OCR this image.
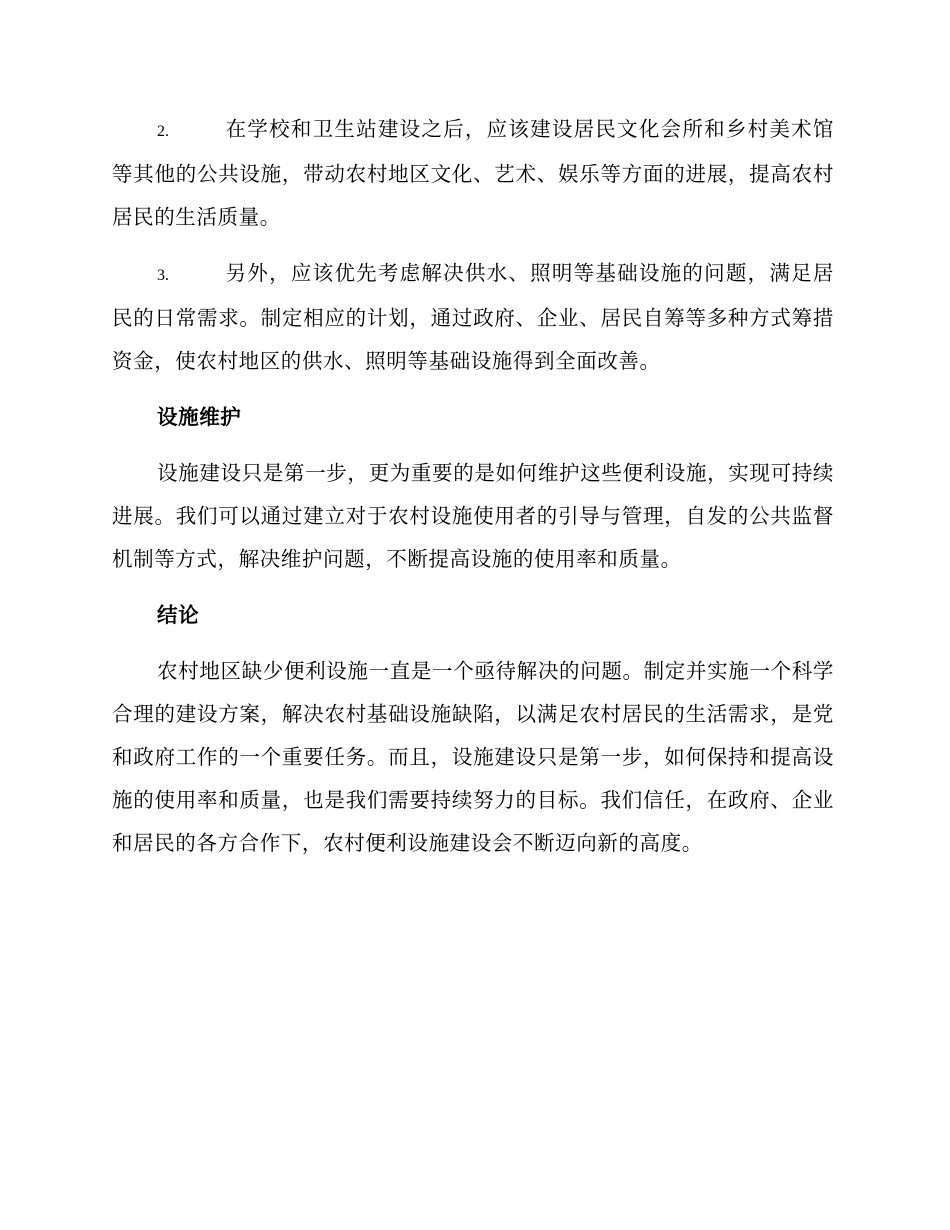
2.	在学校和卫生站建设之后，应该建设居民文化会所和乡村美术馆等其他的公共设施，带动农村地区文化、艺术、娱乐等方面的进展，提高农村居民的生活质量。

3.	另外，应该优先考虑解决供水、照明等基础设施的问题，满足居民的日常需求。制定相应的计划，通过政府、企业、居民自筹等多种方式筹措资金，使农村地区的供水、照明等基础设施得到全面改善。

设施维护

设施建设只是第一步，更为重要的是如何维护这些便利设施，实现可持续进展。我们可以通过建立对于农村设施使用者的引导与管理，自发的公共监督机制等方式，解决维护问题，不断提高设施的使用率和质量。

结论

农村地区缺少便利设施一直是一个亟待解决的问题。制定并实施一个科学合理的建设方案，解决农村基础设施缺陷，以满足农村居民的生活需求，是党和政府工作的一个重要任务。而且，设施建设只是第一步，如何保持和提高设施的使用率和质量，也是我们需要持续努力的目标。我们信任，在政府、企业和居民的各方合作下，农村便利设施建设会不断迈向新的高度。
